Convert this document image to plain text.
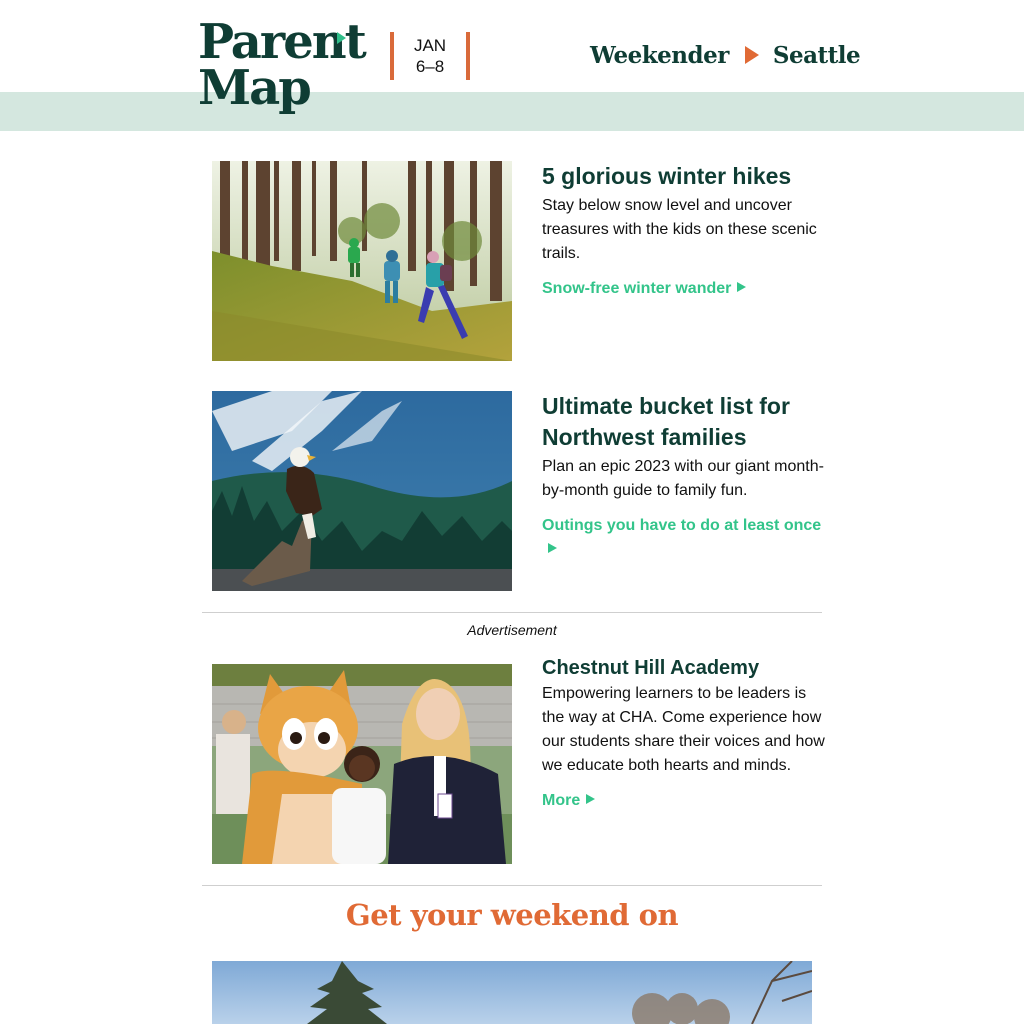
Parent
Map
JAN
6–8	Weekender Seattle
5 glorious winter hikes

Stay below snow level and uncover treasures with the kids on these scenic trails.

Snow-free winter wander
Ultimate bucket list for Northwest families

Plan an epic 2023 with our giant month-by-month guide to family fun.

Outings you have to do at least once
Advertisement
Chestnut Hill Academy

Empowering learners to be leaders is the way at CHA. Come experience how our students share their voices and how we educate both hearts and minds.

More
Get your weekend on
